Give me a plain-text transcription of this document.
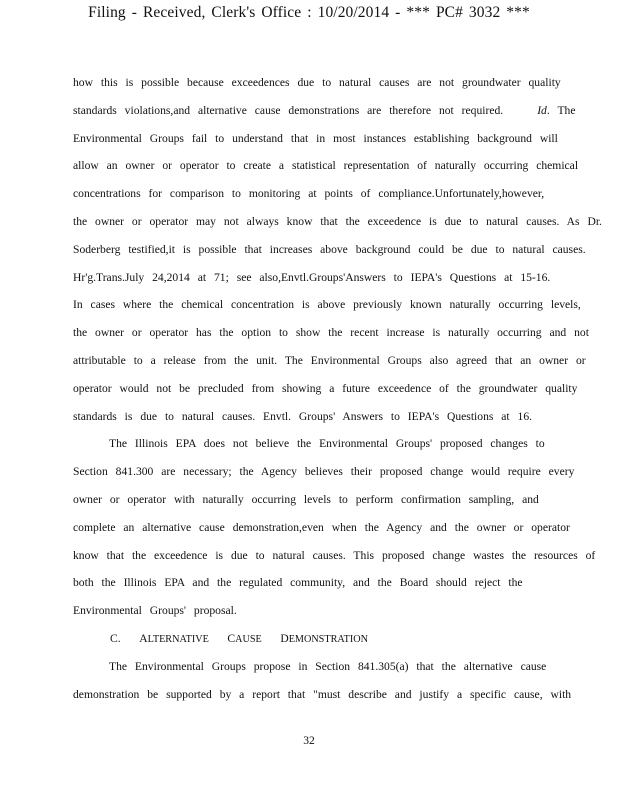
Filing - Received, Clerk's Office : 10/20/2014 - *** PC# 3032 ***
how this is possible because exceedences due to natural causes are not groundwater quality
standards violations,and alternative cause demonstrations are therefore not required.	Id. The
Environmental Groups fail to understand that in most instances establishing background will
allow an owner or operator to create a statistical representation of naturally occurring chemical
concentrations for comparison to monitoring at points of compliance.Unfortunately,however,
the owner or operator may not always know that the exceedence is due to natural causes. As Dr.
Soderberg testified,it is possible that increases above background could be due to natural causes.
Hr'g.Trans.July 24,2014 at 71; see also,Envtl.Groups'Answers to IEPA's Questions at 15-16.
In cases where the chemical concentration is above previously known naturally occurring levels,
the owner or operator has the option to show the recent increase is naturally occurring and not
attributable to a release from the unit. The Environmental Groups also agreed that an owner or
operator would not be precluded from showing a future exceedence of the groundwater quality
standards is due to natural causes. Envtl. Groups' Answers to IEPA's Questions at 16.
The Illinois EPA does not believe the Environmental Groups' proposed changes to
Section 841.300 are necessary; the Agency believes their proposed change would require every
owner or operator with naturally occurring levels to perform confirmation sampling, and
complete an alternative cause demonstration,even when the Agency and the owner or operator
know that the exceedence is due to natural causes. This proposed change wastes the resources of
both the Illinois EPA and the regulated community, and the Board should reject the
Environmental Groups' proposal.
C. ALTERNATIVE CAUSE DEMONSTRATION
The Environmental Groups propose in Section 841.305(a) that the alternative cause
demonstration be supported by a report that "must describe and justify a specific cause, with
32
